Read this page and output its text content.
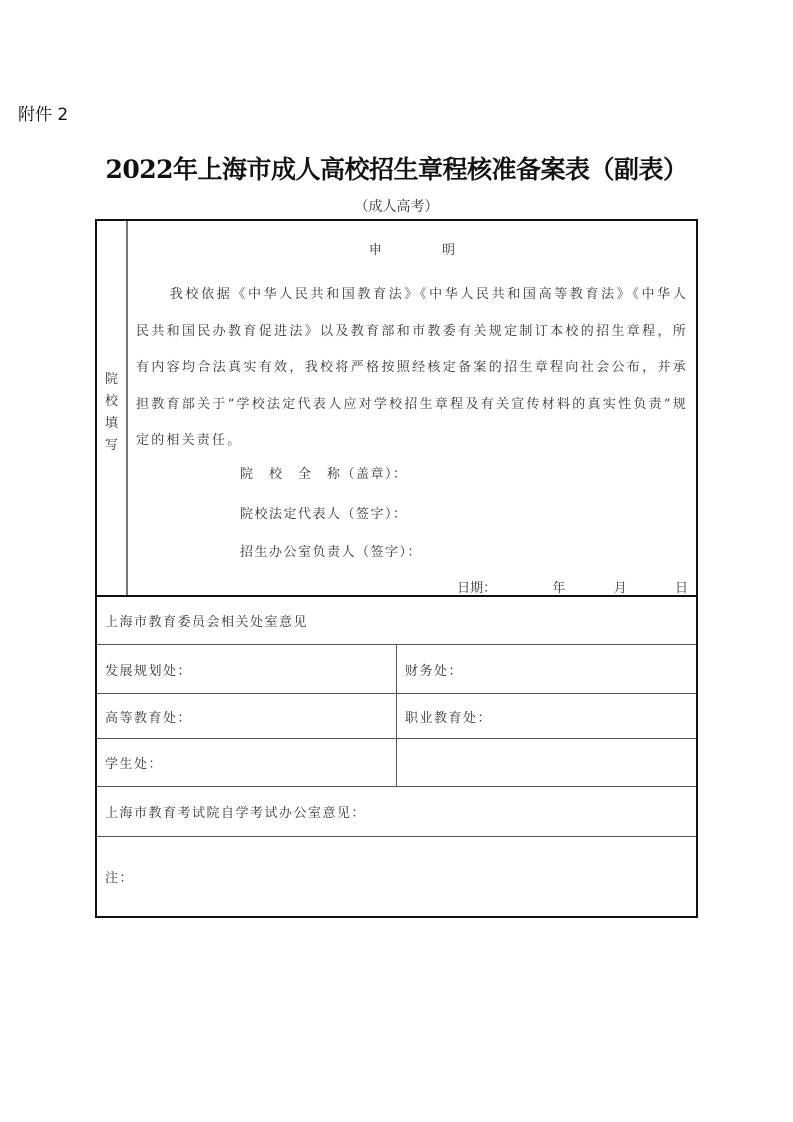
附件 2
2022年上海市成人高校招生章程核准备案表（副表）
（成人高考）
院
校
填
写
申 明
我校依据《中华人民共和国教育法》《中华人民共和国高等教育法》《中华人民共和国民办教育促进法》以及教育部和市教委有关规定制订本校的招生章程，所有内容均合法真实有效，我校将严格按照经核定备案的招生章程向社会公布，并承担教育部关于“学校法定代表人应对学校招生章程及有关宣传材料的真实性负责”规定的相关责任。
院　校　全　称（盖章）：
院校法定代表人（签字）：
招生办公室负责人（签字）：
日期：	年	月	日
上海市教育委员会相关处室意见
发展规划处：	财务处：
高等教育处：	职业教育处：
学生处：
上海市教育考试院自学考试办公室意见：
注：
